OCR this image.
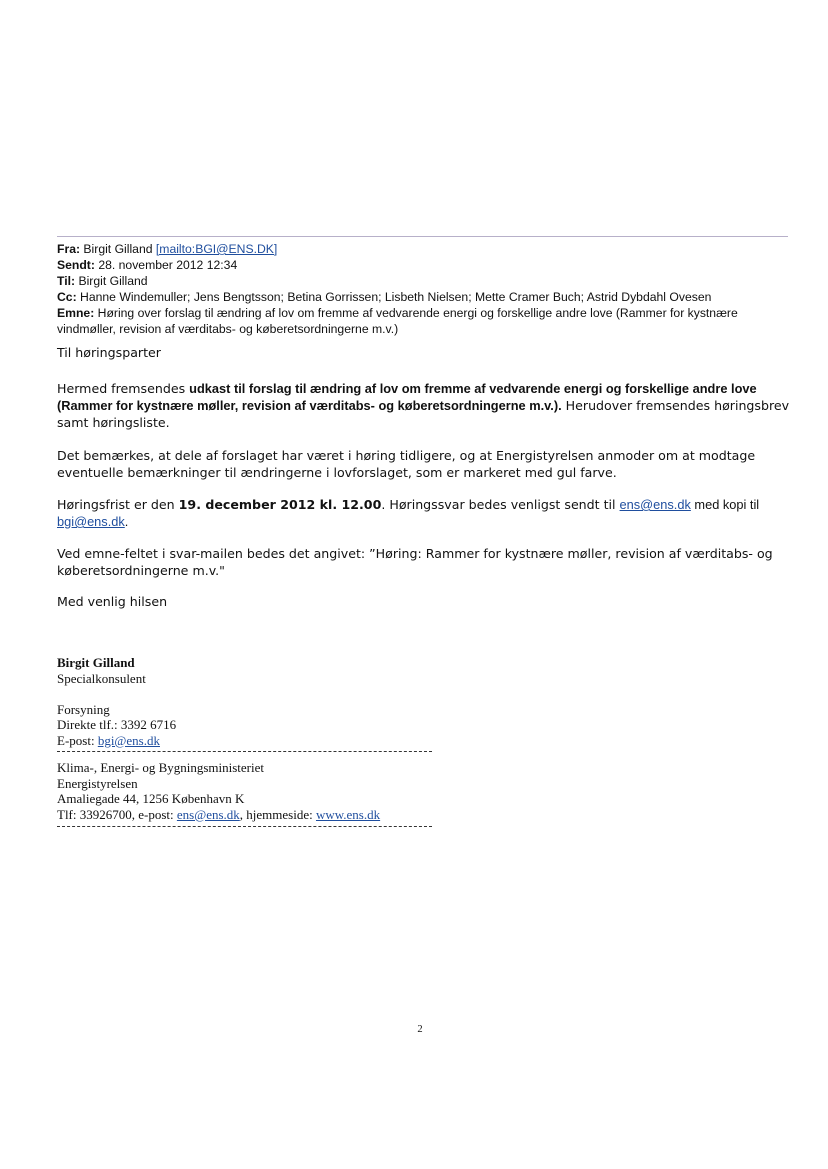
Fra: Birgit Gilland [mailto:BGI@ENS.DK]
Sendt: 28. november 2012 12:34
Til: Birgit Gilland
Cc: Hanne Windemuller; Jens Bengtsson; Betina Gorrissen; Lisbeth Nielsen; Mette Cramer Buch; Astrid Dybdahl Ovesen
Emne: Høring over forslag til ændring af lov om fremme af vedvarende energi og forskellige andre love (Rammer for kystnære vindmøller, revision af værditabs- og køberetsordningerne m.v.)
Til høringsparter
Hermed fremsendes udkast til forslag til ændring af lov om fremme af vedvarende energi og forskellige andre love (Rammer for kystnære møller, revision af værditabs- og køberetsordningerne m.v.). Herudover fremsendes høringsbrev samt høringsliste.
Det bemærkes, at dele af forslaget har været i høring tidligere, og at Energistyrelsen anmoder om at modtage eventuelle bemærkninger til ændringerne i lovforslaget, som er markeret med gul farve.
Høringsfrist er den 19. december 2012 kl. 12.00. Høringssvar bedes venligst sendt til ens@ens.dk med kopi til bgi@ens.dk.
Ved emne-feltet i svar-mailen bedes det angivet: ”Høring: Rammer for kystnære møller, revision af værditabs- og køberetsordningerne m.v."
Med venlig hilsen
Birgit Gilland
Specialkonsulent
Forsyning
Direkte tlf.: 3392 6716
E-post: bgi@ens.dk
Klima-, Energi- og Bygningsministeriet
Energistyrelsen
Amaliegade 44, 1256 København K
Tlf: 33926700, e-post: ens@ens.dk, hjemmeside: www.ens.dk
2
